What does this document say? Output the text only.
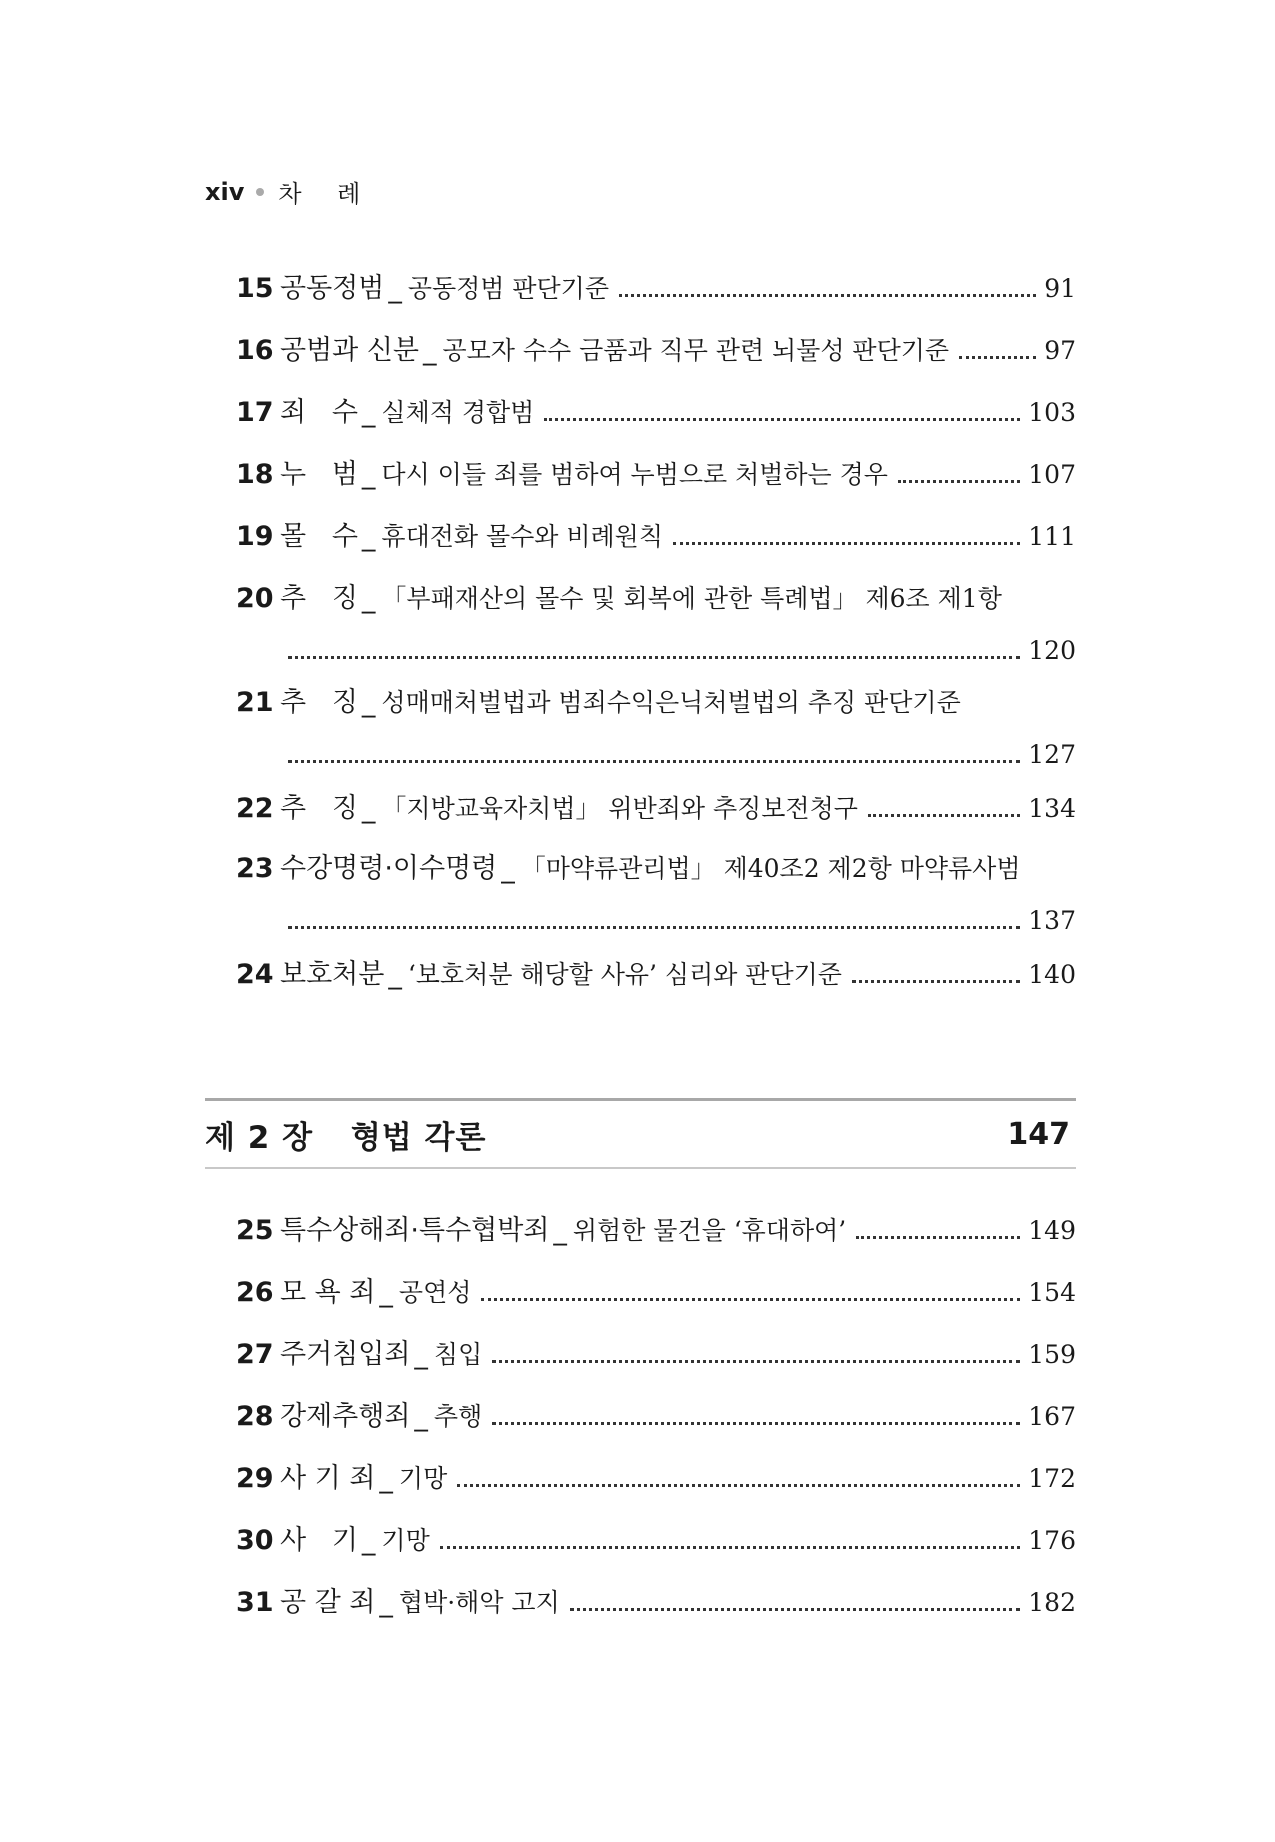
xiv 차 례
15 공동정범 _ 공동정범 판단기준	91
16 공범과 신분 _ 공모자 수수 금품과 직무 관련 뇌물성 판단기준	97
17 죄   수 _ 실체적 경합범	103
18 누   범 _ 다시 이들 죄를 범하여 누범으로 처벌하는 경우	107
19 몰   수 _ 휴대전화 몰수와 비례원칙	111
20 추   징 _ 「부패재산의 몰수 및 회복에 관한 특례법」 제6조 제1항
120
21 추   징 _ 성매매처벌법과 범죄수익은닉처벌법의 추징 판단기준
127
22 추   징 _ 「지방교육자치법」 위반죄와 추징보전청구	134
23 수강명령·이수명령 _ 「마약류관리법」 제40조2 제2항 마약류사범
137
24 보호처분 _ ‘보호처분 해당할 사유’ 심리와 판단기준	140
제 2 장 형법 각론	147
25 특수상해죄·특수협박죄 _ 위험한 물건을 ‘휴대하여’	149
26 모 욕 죄 _ 공연성	154
27 주거침입죄 _ 침입	159
28 강제추행죄 _ 추행	167
29 사 기 죄 _ 기망	172
30 사   기 _ 기망	176
31 공 갈 죄 _ 협박·해악 고지	182
